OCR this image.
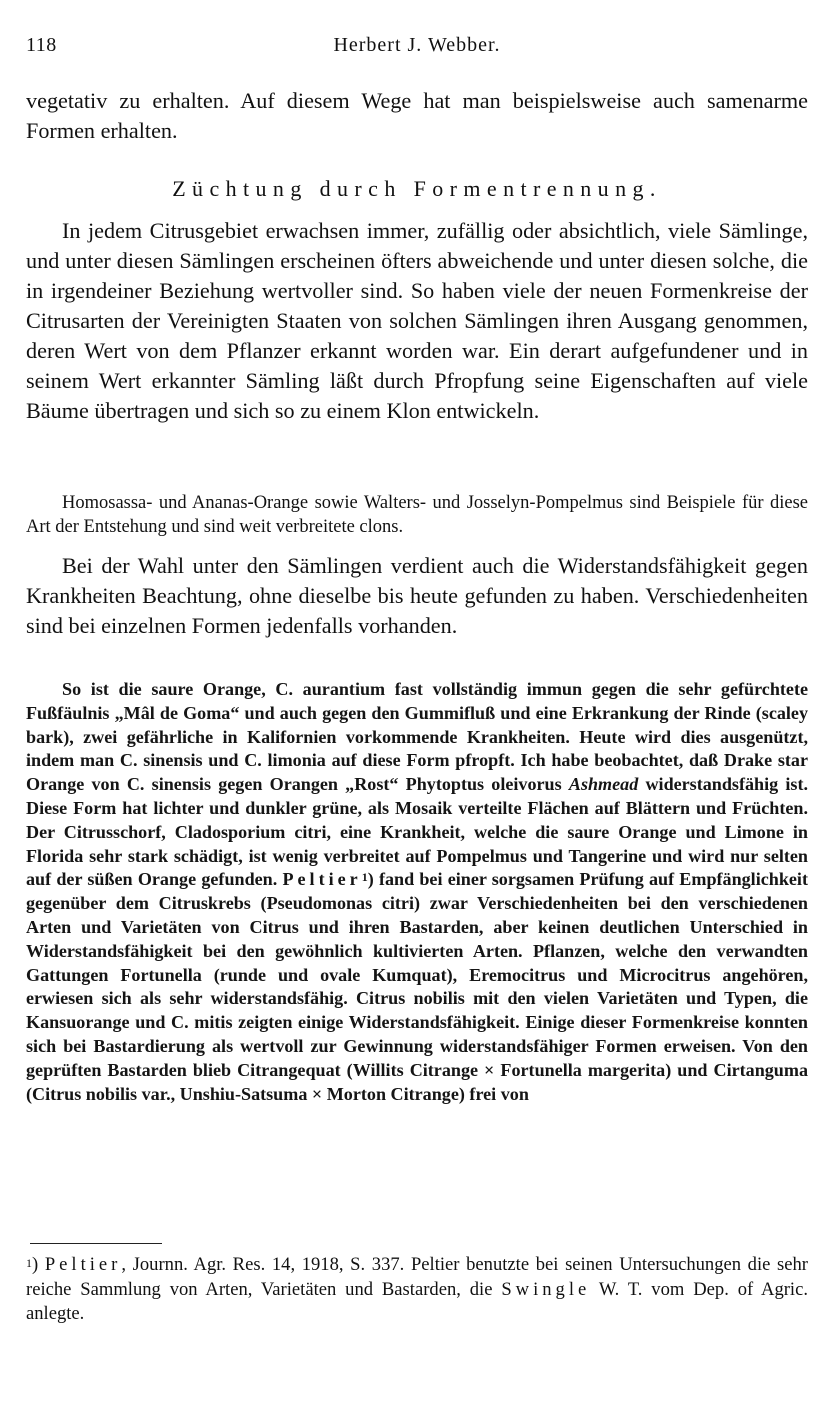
118	Herbert J. Webber.

vegetativ zu erhalten. Auf diesem Wege hat man beispielsweise auch samenarme Formen erhalten.

Züchtung durch Formentrennung.

In jedem Citrusgebiet erwachsen immer, zufällig oder absichtlich, viele Sämlinge, und unter diesen Sämlingen erscheinen öfters abweichende und unter diesen solche, die in irgendeiner Beziehung wertvoller sind. So haben viele der neuen Formenkreise der Citrusarten der Vereinigten Staaten von solchen Sämlingen ihren Ausgang genommen, deren Wert von dem Pflanzer erkannt worden war. Ein derart aufgefundener und in seinem Wert erkannter Sämling läßt durch Pfropfung seine Eigenschaften auf viele Bäume übertragen und sich so zu einem Klon entwickeln.

Homosassa- und Ananas-Orange sowie Walters- und Josselyn-Pompelmus sind Beispiele für diese Art der Entstehung und sind weit verbreitete clons.

Bei der Wahl unter den Sämlingen verdient auch die Widerstandsfähigkeit gegen Krankheiten Beachtung, ohne dieselbe bis heute gefunden zu haben. Verschiedenheiten sind bei einzelnen Formen jedenfalls vorhanden.

So ist die saure Orange, C. aurantium fast vollständig immun gegen die sehr gefürchtete Fußfäulnis „Mâl de Goma“ und auch gegen den Gummifluß und eine Erkrankung der Rinde (scaley bark), zwei gefährliche in Kalifornien vorkommende Krankheiten. Heute wird dies ausgenützt, indem man C. sinensis und C. limonia auf diese Form pfropft. Ich habe beobachtet, daß Drake star Orange von C. sinensis gegen Orangen „Rost“ Phytoptus oleivorus Ashmead widerstandsfähig ist. Diese Form hat lichter und dunkler grüne, als Mosaik verteilte Flächen auf Blättern und Früchten. Der Citrusschorf, Cladosporium citri, eine Krankheit, welche die saure Orange und Limone in Florida sehr stark schädigt, ist wenig verbreitet auf Pompelmus und Tangerine und wird nur selten auf der süßen Orange gefunden. Peltier$^1$) fand bei einer sorgsamen Prüfung auf Empfänglichkeit gegenüber dem Citruskrebs (Pseudomonas citri) zwar Verschiedenheiten bei den verschiedenen Arten und Varietäten von Citrus und ihren Bastarden, aber keinen deutlichen Unterschied in Widerstandsfähigkeit bei den gewöhnlich kultivierten Arten. Pflanzen, welche den verwandten Gattungen Fortunella (runde und ovale Kumquat), Eremocitrus und Microcitrus angehören, erwiesen sich als sehr widerstandsfähig. Citrus nobilis mit den vielen Varietäten und Typen, die Kansuorange und C. mitis zeigten einige Widerstandsfähigkeit. Einige dieser Formenkreise konnten sich bei Bastardierung als wertvoll zur Gewinnung widerstandsfähiger Formen erweisen. Von den geprüften Bastarden blieb Citrangequat (Willits Citrange × Fortunella margerita) und Cirtanguma (Citrus nobilis var., Unshiu-Satsuma × Morton Citrange) frei von

$^1$) Peltier, Journn. Agr. Res. 14, 1918, S. 337. Peltier benutzte bei seinen Untersuchungen die sehr reiche Sammlung von Arten, Varietäten und Bastarden, die Swingle W. T. vom Dep. of Agric. anlegte.
